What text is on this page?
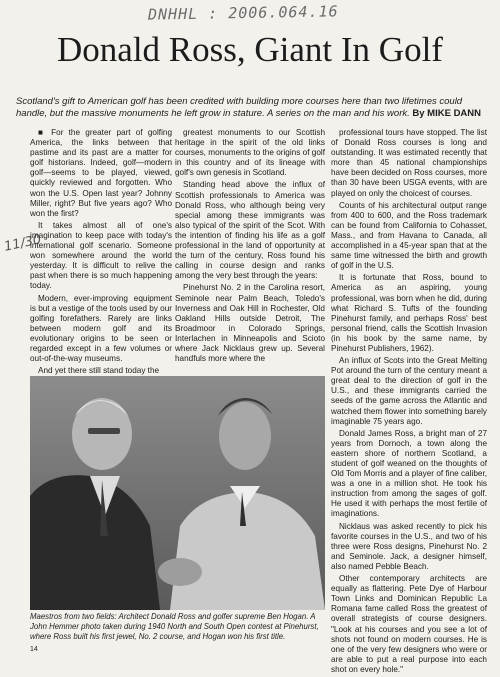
DNHHL : 2006.064.16
Donald Ross, Giant In Golf

Scotland's gift to American golf has been credited with building more courses here than two lifetimes could handle, but the massive monuments he left grow in stature. A series on the man and his work. By MIKE DANN

11/30

■ For the greater part of golfing America, the links between that pastime and its past are a matter for golf historians. Indeed, golf—modern golf—seems to be played, viewed, quickly reviewed and forgotten. Who won the U.S. Open last year? Johnny Miller, right? But five years ago? Who won the first?

It takes almost all of one's imagination to keep pace with today's international golf scenario. Someone won somewhere around the world yesterday. It is difficult to relive the past when there is so much happening today.

Modern, ever-improving equipment is but a vestige of the tools used by our golfing forefathers. Rarely are links between modern golf and its evolutionary origins to be seen or regarded except in a few volumes or out-of-the-way museums.

And yet there still stand today the

greatest monuments to our Scottish heritage in the spirit of the old links courses, monuments to the origins of golf in this country and of its lineage with golf's own genesis in Scotland.

Standing head above the influx of Scottish professionals to America was Donald Ross, who although being very special among these immigrants was also typical of the spirit of the Scot. With the intention of finding his life as a golf professional in the land of opportunity at the turn of the century, Ross found his calling in course design and ranks among the very best through the years:

Pinehurst No. 2 in the Carolina resort, Seminole near Palm Beach, Toledo's Inverness and Oak Hill in Rochester, Old Oakland Hills outside Detroit, The Broadmoor in Colorado Springs, Interlachen in Minneapolis and Scioto where Jack Nicklaus grew up. Several handfuls more where the

professional tours have stopped. The list of Donald Ross courses is long and outstanding. It was estimated recently that more than 45 national championships have been decided on Ross courses, more than 30 have been USGA events, with are played on only the choicest of courses.

Counts of his architectural output range from 400 to 600, and the Ross trademark can be found from California to Cohasset, Mass., and from Havana to Canada, all accomplished in a 45-year span that at the same time witnessed the birth and growth of golf in the U.S.

It is fortunate that Ross, bound to America as an aspiring, young professional, was born when he did, during what Richard S. Tufts of the founding Pinehurst family, and perhaps Ross' best personal friend, calls the Scottish Invasion (in his book by the same name, by Pinehurst Publishers, 1962).

An influx of Scots into the Great Melting Pot around the turn of the century meant a great deal to the direction of golf in the U.S., and these immigrants carried the seeds of the game across the Atlantic and watched them flower into something barely imaginable 75 years ago.

Donald James Ross, a bright man of 27 years from Dornoch, a town along the eastern shore of northern Scotland, a student of golf weaned on the thoughts of Old Tom Morris and a player of fine caliber, was a one in a million shot. He took his instruction from among the sages of golf. He used it with perhaps the most fertile of imaginations.

Nicklaus was asked recently to pick his favorite courses in the U.S., and two of his three were Ross designs, Pinehurst No. 2 and Seminole. Jack, a designer himself, also named Pebble Beach.

Other contemporary architects are equally as flattering. Pete Dye of Harbour Town Links and Dominican Republic La Romana fame called Ross the greatest of overall strategists of course designers. "Look at his courses and you see a lot of shots not found on modern courses. He is one of the very few designers who were or are able to put a real purpose into each shot on every hole."

Maestros from two fields: Architect Donald Ross and golfer supreme Ben Hogan. A John Hemmer photo taken during 1940 North and South Open contest at Pinehurst, where Ross built his first jewel, No. 2 course, and Hogan won his first title.

14
